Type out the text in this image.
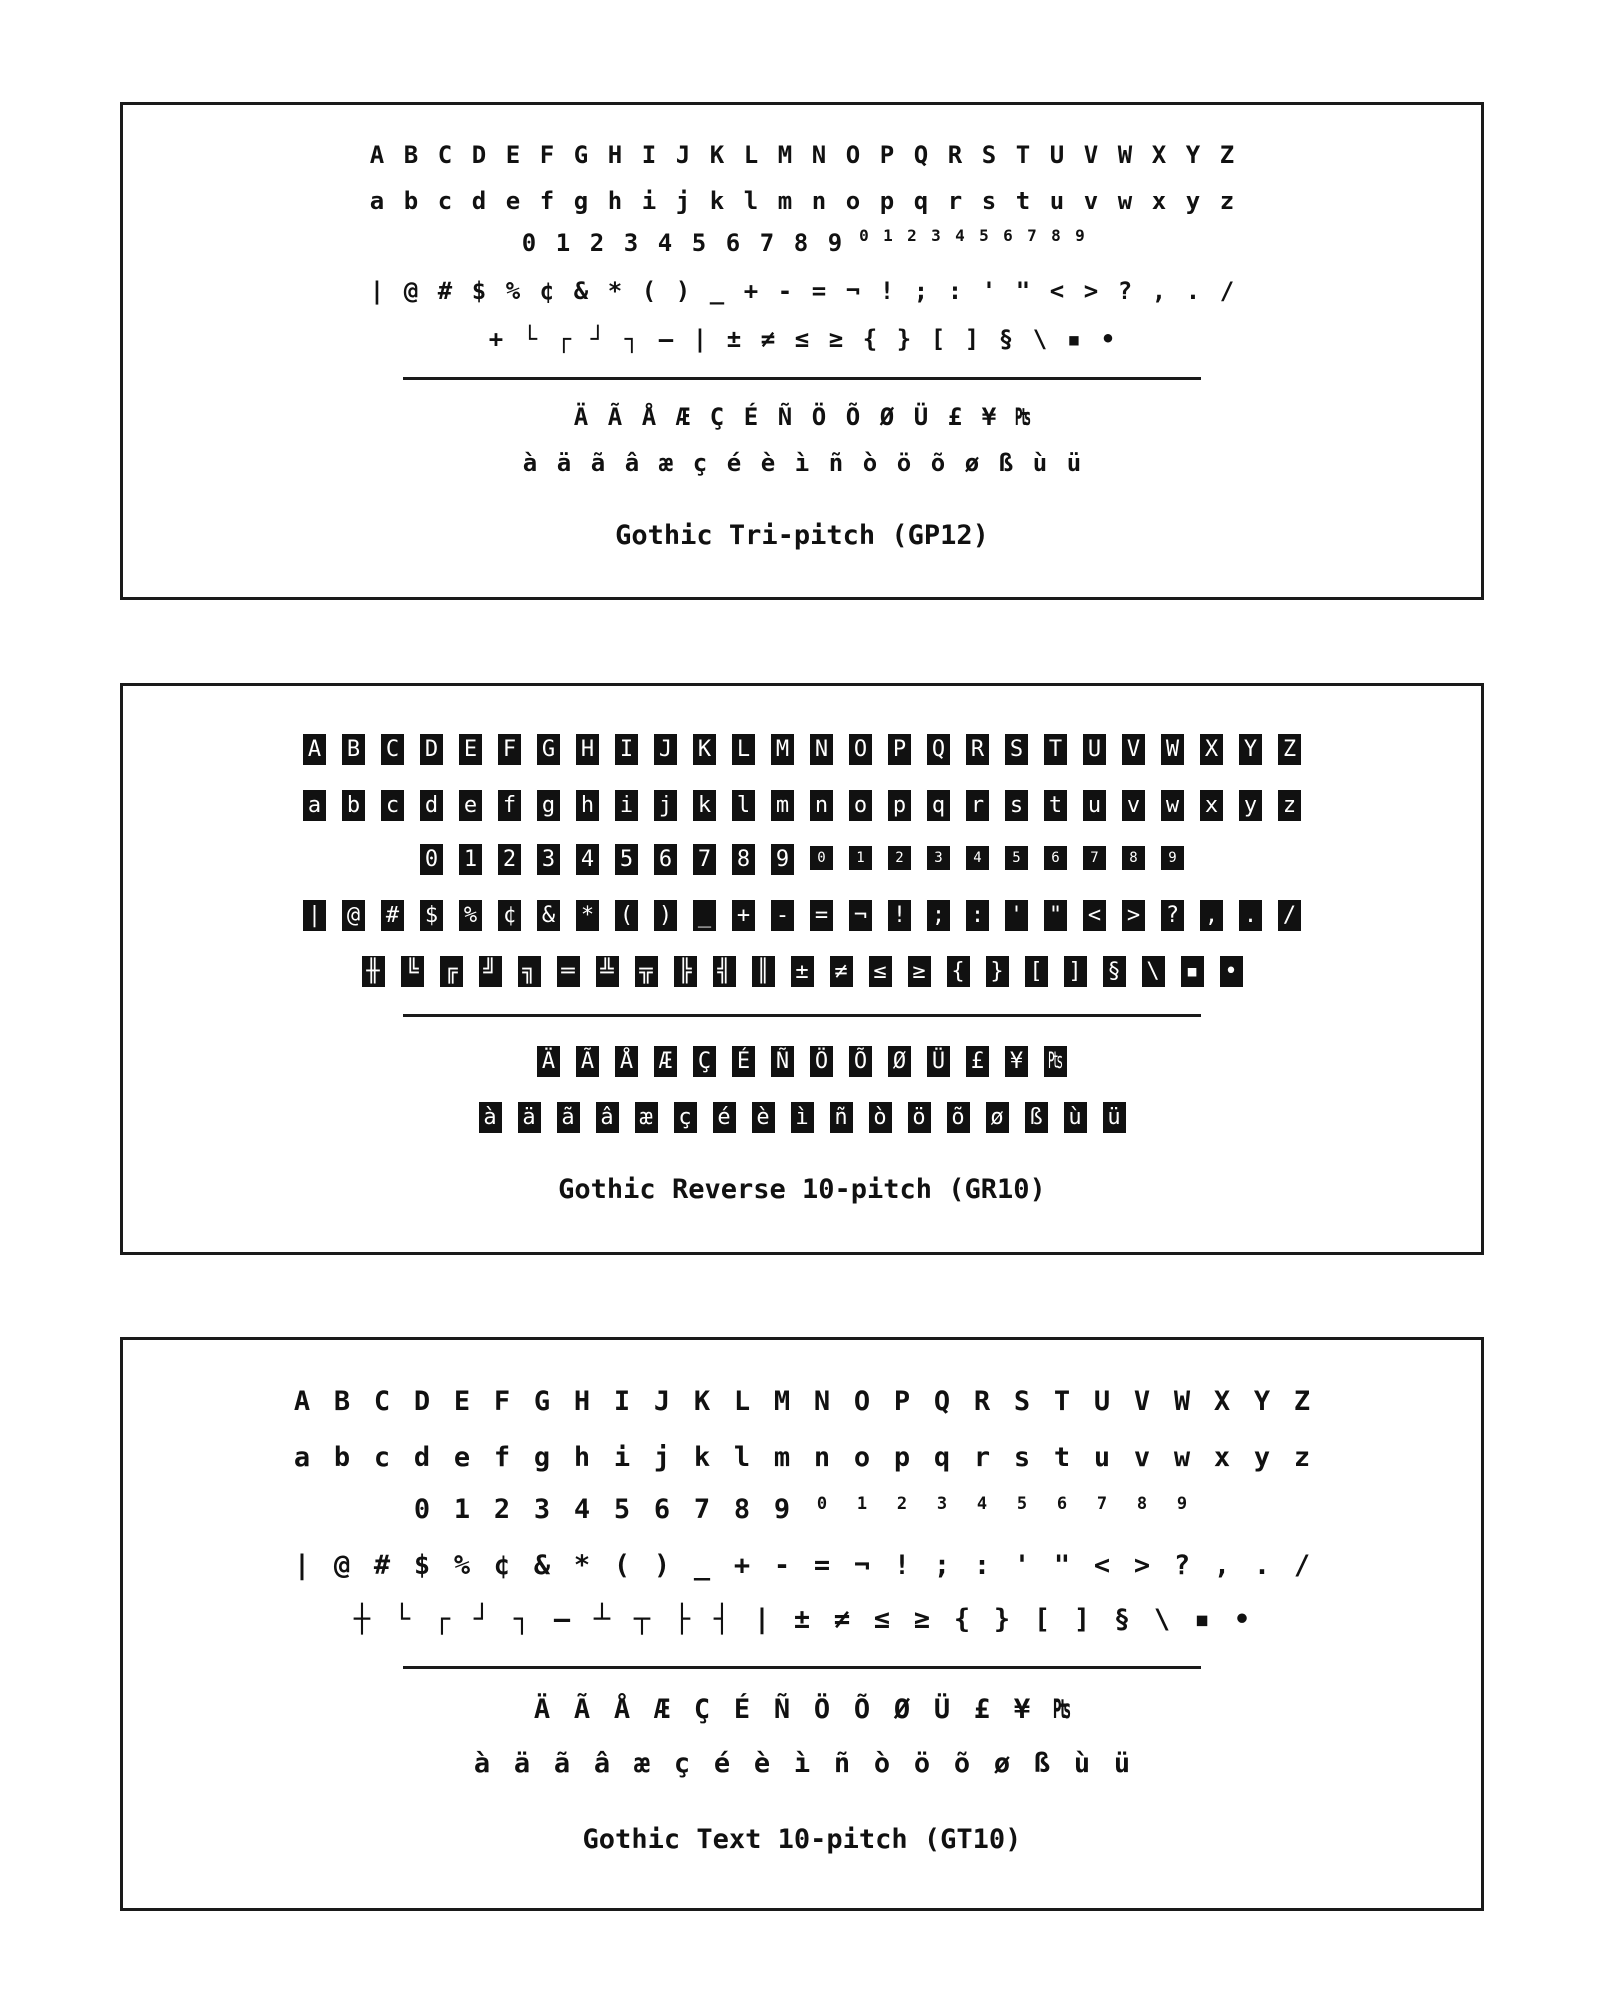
A B C D E F G H I J K L M N O P Q R S T U V W X Y Z
a b c d e f g h i j k l m n o p q r s t u v w x y z
0 1 2 3 4 5 6 7 8 9	0 1 2 3 4 5 6 7 8 9
| @ # $ % ¢ & * ( ) _ + - = ¬ ! ; : ' " < > ? , . /
+ └ ┌ ┘ ┐ — | ± ≠ ≤ ≥ { } [ ] § \ ▪ •
Ä Ã Å Æ Ç É Ñ Ö Õ Ø Ü £ ¥ ₧
à ä ã â æ ç é è ì ñ ò ö õ ø ß ù ü
Gothic Tri-pitch (GP12)
A B C D E F G H I J K L M N O P Q R S T U V W X Y Z
a b c d e f g h i j k l m n o p q r s t u v w x y z
0 1 2 3 4 5 6 7 8 9	0 1 2 3 4 5 6 7 8 9
| @ # $ % ¢ & * ( ) _ + - = ¬ ! ; : ' " < > ? , . /
╫ ╚ ╔ ╝ ╗ ═ ╩ ╦ ╠ ╣ ║ ± ≠ ≤ ≥ { } [ ] § \ ▪ •
Ä Ã Å Æ Ç É Ñ Ö Õ Ø Ü £ ¥ ₧
à ä ã â æ ç é è ì ñ ò ö õ ø ß ù ü
Gothic Reverse 10-pitch (GR10)
A B C D E F G H I J K L M N O P Q R S T U V W X Y Z
a b c d e f g h i j k l m n o p q r s t u v w x y z
0 1 2 3 4 5 6 7 8 9	0 1 2 3 4 5 6 7 8 9
| @ # $ % ¢ & * ( ) _ + - = ¬ ! ; : ' " < > ? , . /
┼ └ ┌ ┘ ┐ — ┴ ┬ ├ ┤ | ± ≠ ≤ ≥ { } [ ] § \ ▪ •
Ä Ã Å Æ Ç É Ñ Ö Õ Ø Ü £ ¥ ₧
à ä ã â æ ç é è ì ñ ò ö õ ø ß ù ü
Gothic Text 10-pitch (GT10)
